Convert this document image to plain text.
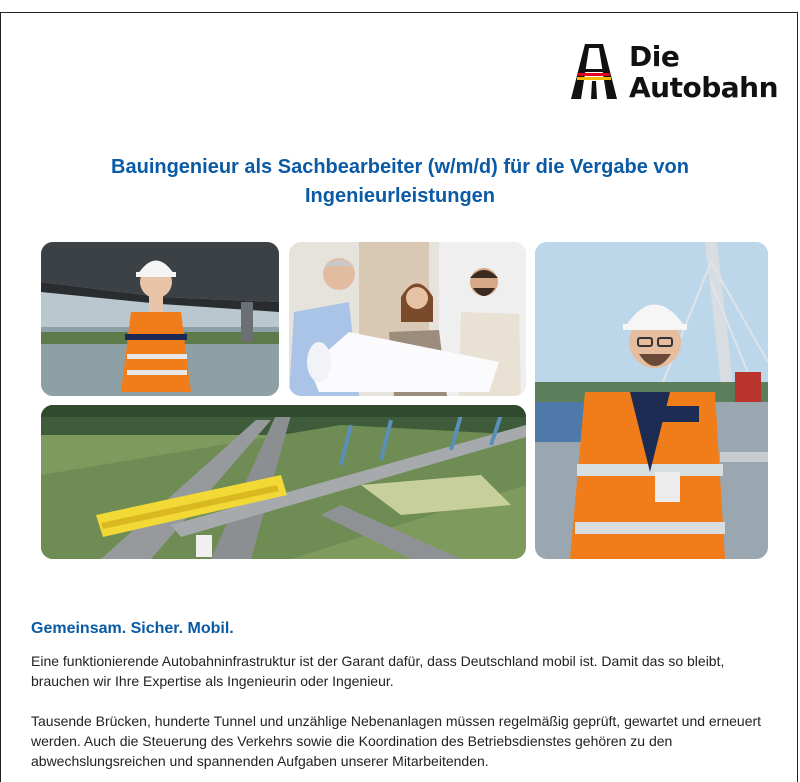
Die
Autobahn
Bauingenieur als Sachbearbeiter (w/m/d) für die Vergabe von Ingenieurleistungen
Gemeinsam. Sicher. Mobil.

Eine funktionierende Autobahninfrastruktur ist der Garant dafür, dass Deutschland mobil ist. Damit das so bleibt, brauchen wir Ihre Expertise als Ingenieurin oder Ingenieur.

Tausende Brücken, hunderte Tunnel und unzählige Nebenanlagen müssen regelmäßig geprüft, gewartet und erneuert werden. Auch die Steuerung des Verkehrs sowie die Koordination des Betriebsdienstes gehören zu den abwechslungsreichen und spannenden Aufgaben unserer Mitarbeitenden.
